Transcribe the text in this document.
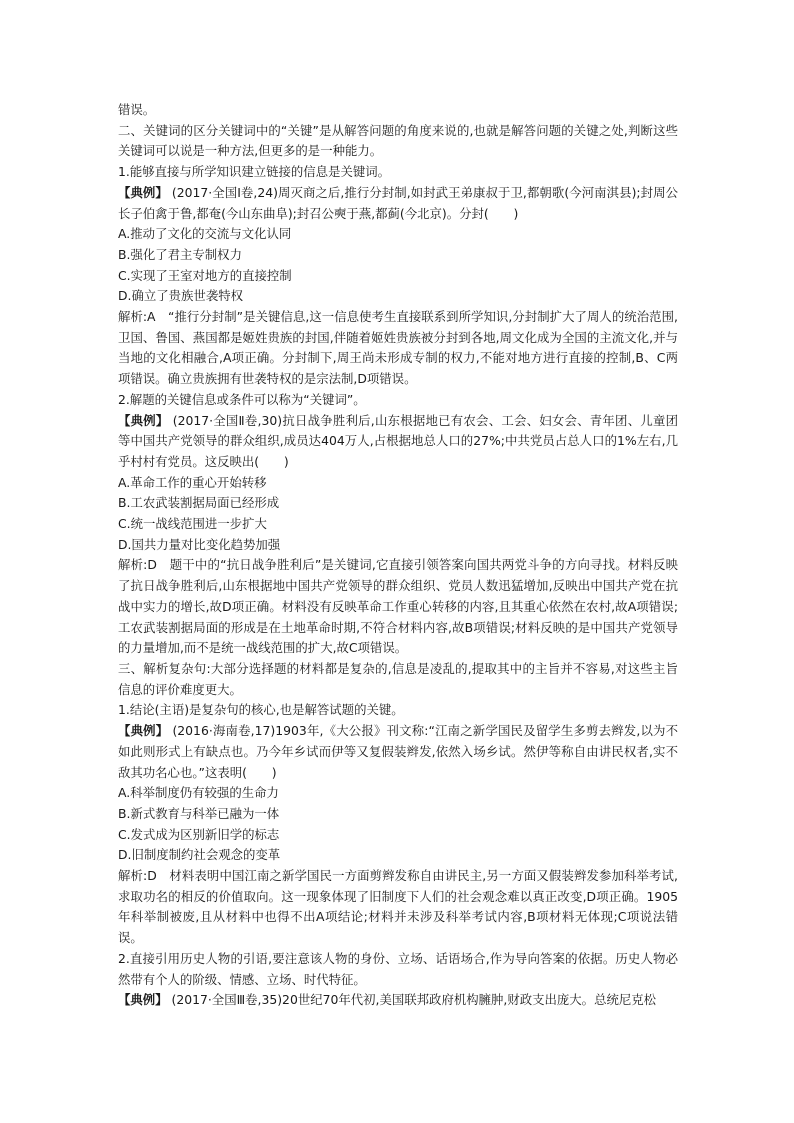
错误。

二、关键词的区分关键词中的“关键”是从解答问题的角度来说的,也就是解答问题的关键之处,判断这些关键词可以说是一种方法,但更多的是一种能力。

1.能够直接与所学知识建立链接的信息是关键词。

【典例】 (2017·全国Ⅰ卷,24)周灭商之后,推行分封制,如封武王弟康叔于卫,都朝歌(今河南淇县);封周公长子伯禽于鲁,都奄(今山东曲阜);封召公奭于燕,都蓟(今北京)。分封(　　)

A.推动了文化的交流与文化认同

B.强化了君主专制权力

C.实现了王室对地方的直接控制

D.确立了贵族世袭特权

解析:A　“推行分封制”是关键信息,这一信息使考生直接联系到所学知识,分封制扩大了周人的统治范围,卫国、鲁国、燕国都是姬姓贵族的封国,伴随着姬姓贵族被分封到各地,周文化成为全国的主流文化,并与当地的文化相融合,A项正确。分封制下,周王尚未形成专制的权力,不能对地方进行直接的控制,B、C两项错误。确立贵族拥有世袭特权的是宗法制,D项错误。

2.解题的关键信息或条件可以称为“关键词”。

【典例】 (2017·全国Ⅱ卷,30)抗日战争胜利后,山东根据地已有农会、工会、妇女会、青年团、儿童团等中国共产党领导的群众组织,成员达404万人,占根据地总人口的27%;中共党员占总人口的1%左右,几乎村村有党员。这反映出(　　)

A.革命工作的重心开始转移

B.工农武装割据局面已经形成

C.统一战线范围进一步扩大

D.国共力量对比变化趋势加强

解析:D　题干中的“抗日战争胜利后”是关键词,它直接引领答案向国共两党斗争的方向寻找。材料反映了抗日战争胜利后,山东根据地中国共产党领导的群众组织、党员人数迅猛增加,反映出中国共产党在抗战中实力的增长,故D项正确。材料没有反映革命工作重心转移的内容,且其重心依然在农村,故A项错误;工农武装割据局面的形成是在土地革命时期,不符合材料内容,故B项错误;材料反映的是中国共产党领导的力量增加,而不是统一战线范围的扩大,故C项错误。

三、解析复杂句:大部分选择题的材料都是复杂的,信息是凌乱的,提取其中的主旨并不容易,对这些主旨信息的评价难度更大。

1.结论(主语)是复杂句的核心,也是解答试题的关键。

【典例】 (2016·海南卷,17)1903年,《大公报》刊文称:“江南之新学国民及留学生多剪去辫发,以为不如此则形式上有缺点也。乃今年乡试而伊等又复假装辫发,依然入场乡试。然伊等称自由讲民权者,实不敌其功名心也。”这表明(　　)

A.科举制度仍有较强的生命力

B.新式教育与科举已融为一体

C.发式成为区别新旧学的标志

D.旧制度制约社会观念的变革

解析:D　材料表明中国江南之新学国民一方面剪辫发称自由讲民主,另一方面又假装辫发参加科举考试,求取功名的相反的价值取向。这一现象体现了旧制度下人们的社会观念难以真正改变,D项正确。1905年科举制被废,且从材料中也得不出A项结论;材料并未涉及科举考试内容,B项材料无体现;C项说法错误。

2.直接引用历史人物的引语,要注意该人物的身份、立场、话语场合,作为导向答案的依据。历史人物必然带有个人的阶级、情感、立场、时代特征。

【典例】 (2017·全国Ⅲ卷,35)20世纪70年代初,美国联邦政府机构臃肿,财政支出庞大。总统尼克松
